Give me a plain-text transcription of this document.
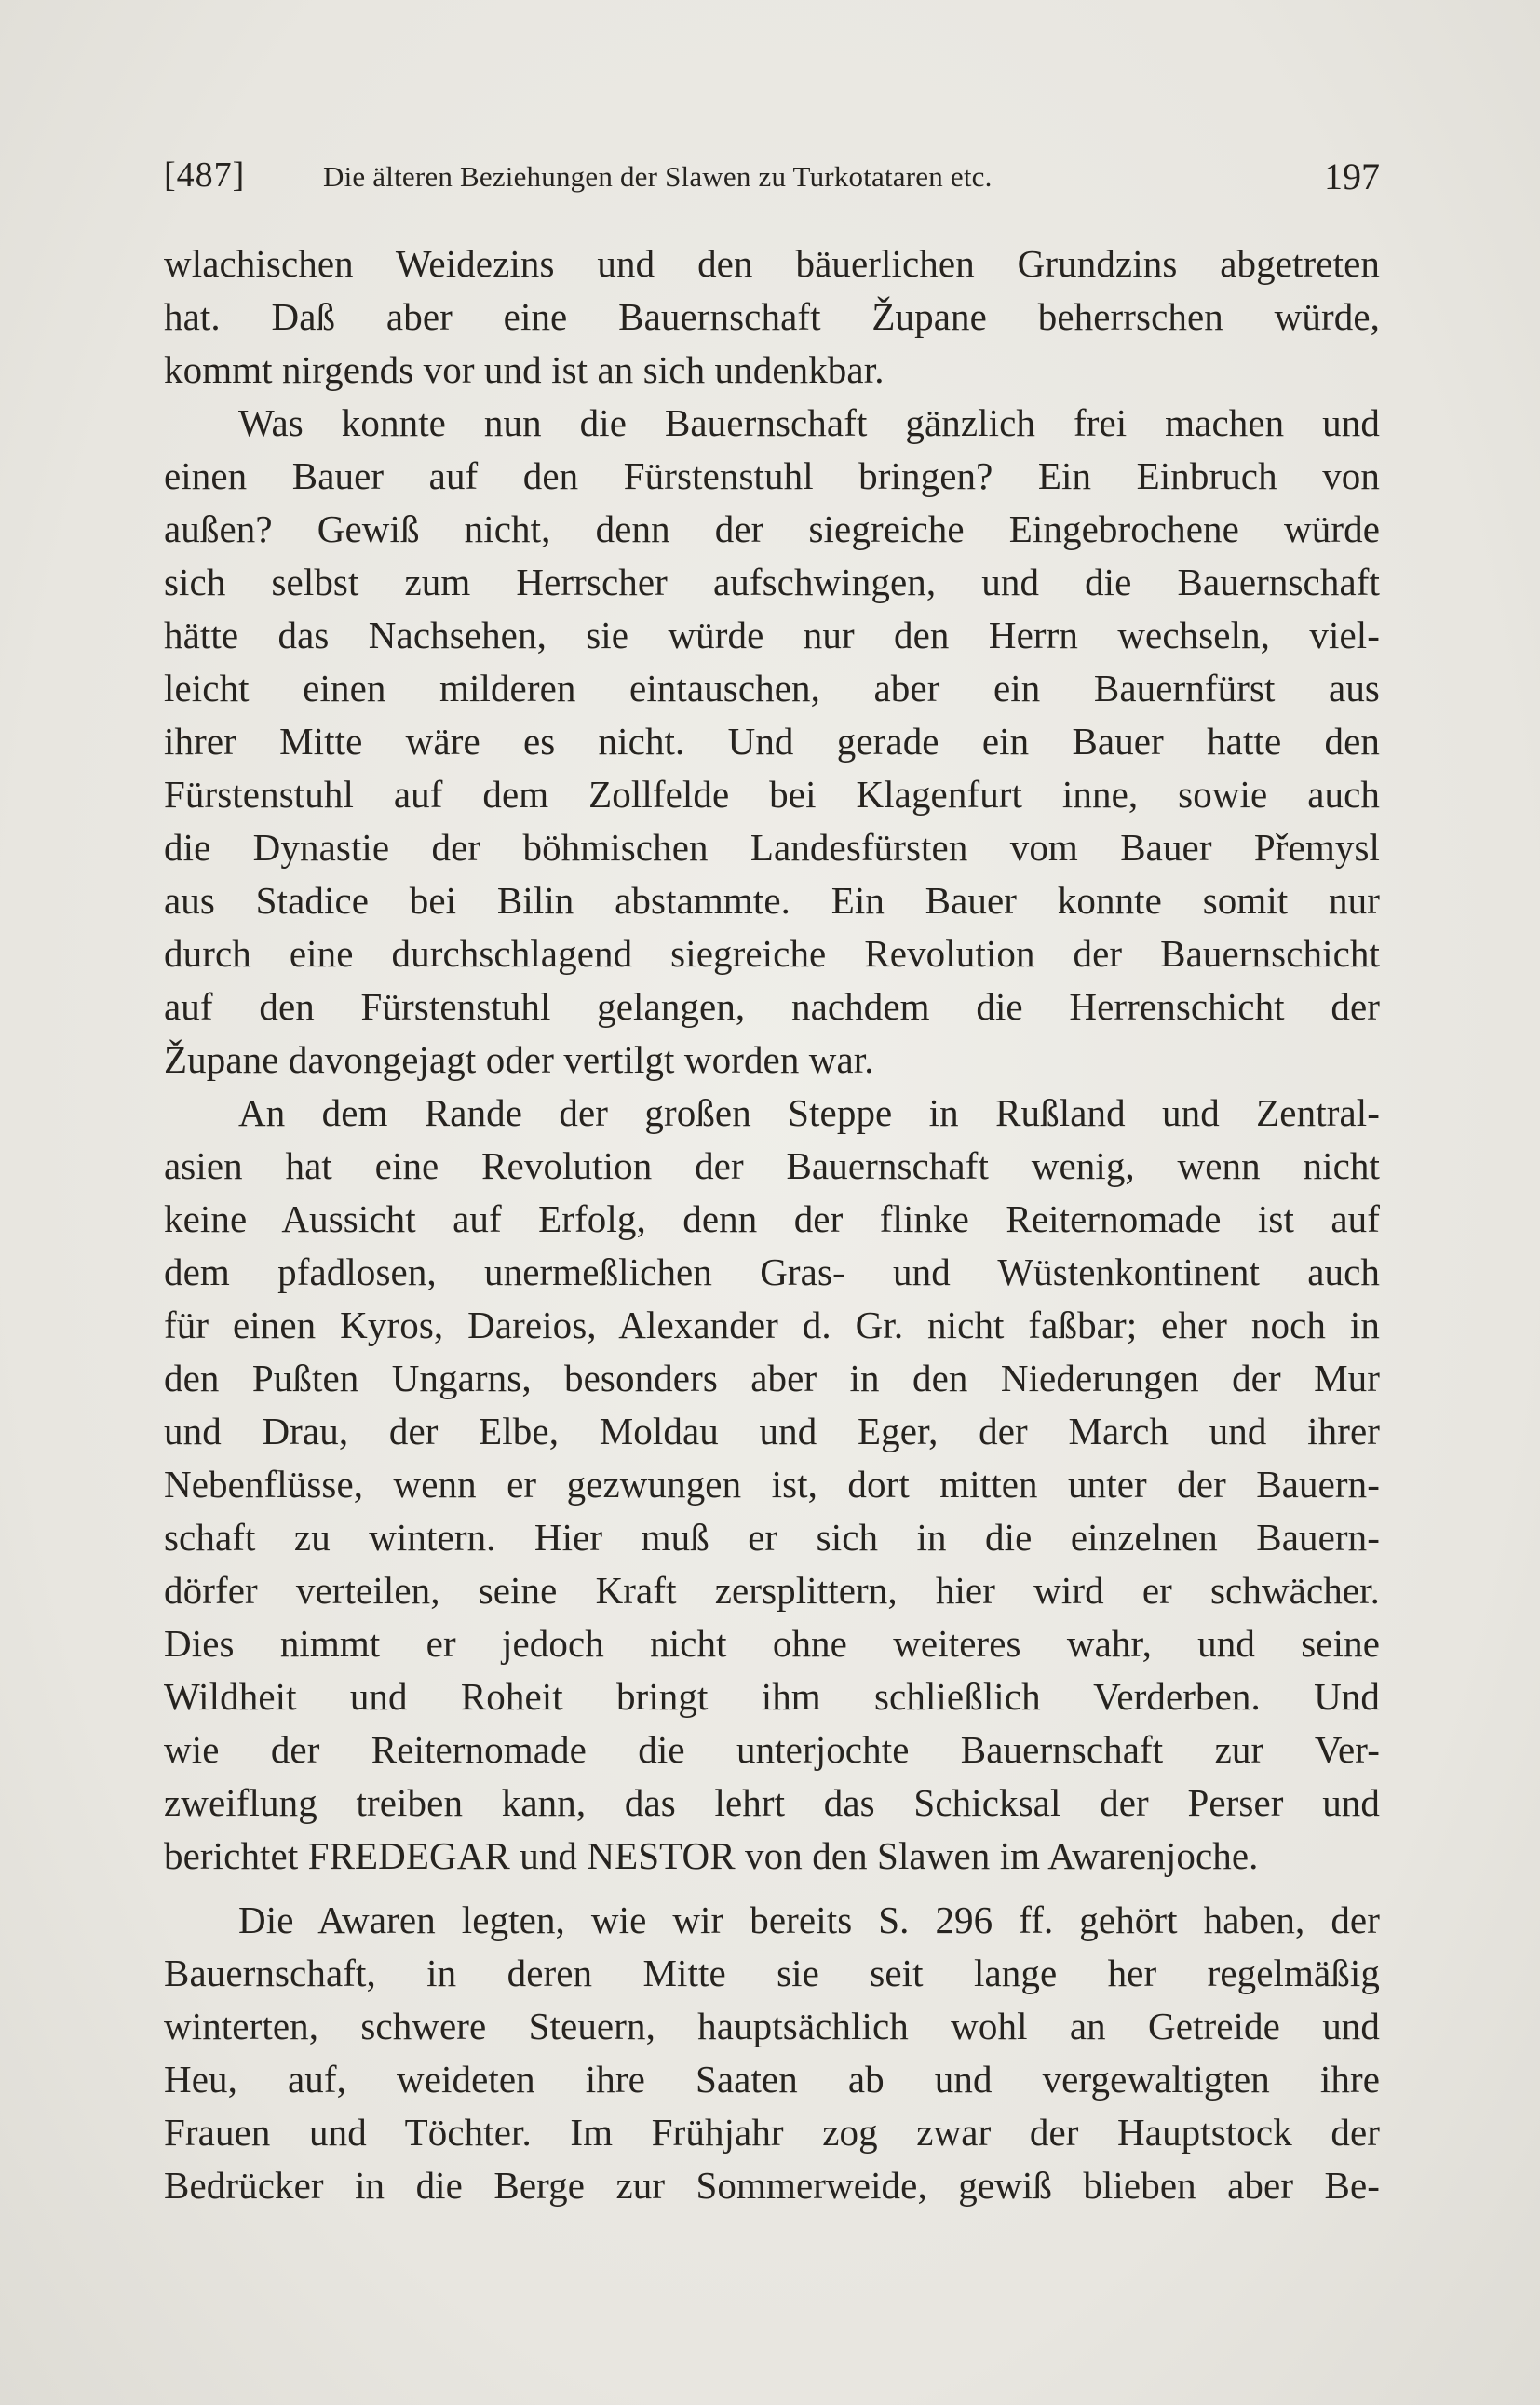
[487]	Die älteren Beziehungen der Slawen zu Turkotataren etc.	197
wlachischen Weidezins und den bäuerlichen Grundzins abgetreten
hat. Daß aber eine Bauernschaft Župane beherrschen würde,
kommt nirgends vor und ist an sich undenkbar.
Was konnte nun die Bauernschaft gänzlich frei machen und
einen Bauer auf den Fürstenstuhl bringen? Ein Einbruch von
außen? Gewiß nicht, denn der siegreiche Eingebrochene würde
sich selbst zum Herrscher aufschwingen, und die Bauernschaft
hätte das Nachsehen, sie würde nur den Herrn wechseln, viel-
leicht einen milderen eintauschen, aber ein Bauernfürst aus
ihrer Mitte wäre es nicht. Und gerade ein Bauer hatte den
Fürstenstuhl auf dem Zollfelde bei Klagenfurt inne, sowie auch
die Dynastie der böhmischen Landesfürsten vom Bauer Přemysl
aus Stadice bei Bilin abstammte. Ein Bauer konnte somit nur
durch eine durchschlagend siegreiche Revolution der Bauernschicht
auf den Fürstenstuhl gelangen, nachdem die Herrenschicht der
Župane davongejagt oder vertilgt worden war.
An dem Rande der großen Steppe in Rußland und Zentral-
asien hat eine Revolution der Bauernschaft wenig, wenn nicht
keine Aussicht auf Erfolg, denn der flinke Reiternomade ist auf
dem pfadlosen, unermeßlichen Gras- und Wüstenkontinent auch
für einen Kyros, Dareios, Alexander d. Gr. nicht faßbar; eher noch in
den Pußten Ungarns, besonders aber in den Niederungen der Mur
und Drau, der Elbe, Moldau und Eger, der March und ihrer
Nebenflüsse, wenn er gezwungen ist, dort mitten unter der Bauern-
schaft zu wintern. Hier muß er sich in die einzelnen Bauern-
dörfer verteilen, seine Kraft zersplittern, hier wird er schwächer.
Dies nimmt er jedoch nicht ohne weiteres wahr, und seine
Wildheit und Roheit bringt ihm schließlich Verderben. Und
wie der Reiternomade die unterjochte Bauernschaft zur Ver-
zweiflung treiben kann, das lehrt das Schicksal der Perser und
berichtet FREDEGAR und NESTOR von den Slawen im Awarenjoche.
Die Awaren legten, wie wir bereits S. 296 ff. gehört haben, der
Bauernschaft, in deren Mitte sie seit lange her regelmäßig
winterten, schwere Steuern, hauptsächlich wohl an Getreide und
Heu, auf, weideten ihre Saaten ab und vergewaltigten ihre
Frauen und Töchter. Im Frühjahr zog zwar der Hauptstock der
Bedrücker in die Berge zur Sommerweide, gewiß blieben aber Be-
